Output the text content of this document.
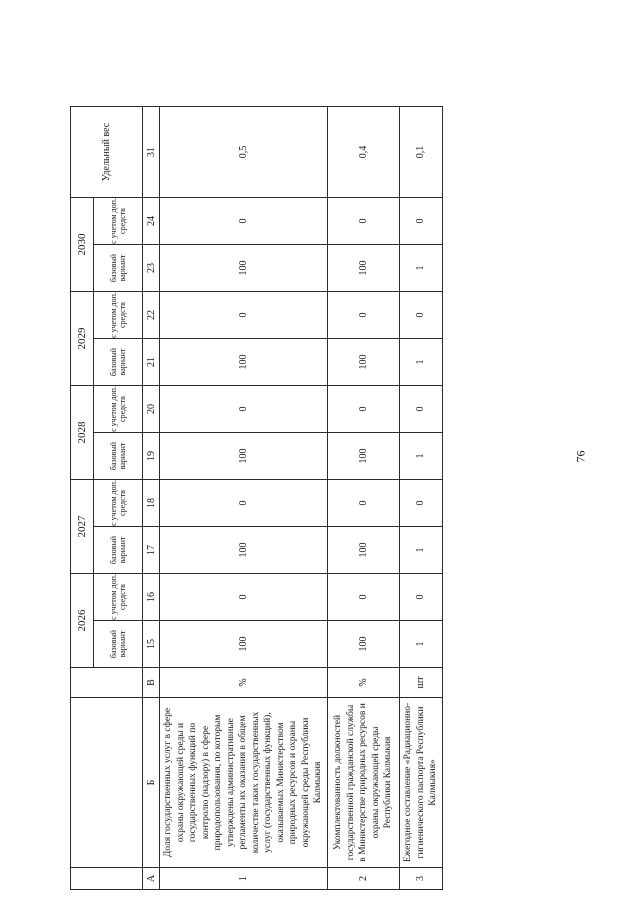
			2026		2027		2028		2029		2030		Удельный вес
			базовый вариант	с учетом доп. средств	базовый вариант	с учетом доп. средств	базовый вариант	с учетом доп. средств	базовый вариант	с учетом доп. средств	базовый вариант	с учетом доп. средств	
А	Б	В	15	16	17	18	19	20	21	22	23	24	31
1	Доля государственных услуг в сфере охраны окружающей среды и государственных функций по контролю (надзору) в сфере природопользования, по которым утверждены административные регламенты их оказания в общем количестве таких государственных услуг (государственных функций), оказываемых Министерством природных ресурсов и охраны окружающей среды Республики Калмыкия	%	100	0	100	0	100	0	100	0	100	0	0,5
2	Укомплектованность должностей государственной гражданской службы в Министерстве природных ресурсов и охраны окружающей среды Республики Калмыкия	%	100	0	100	0	100	0	100	0	100	0	0,4
3	Ежегодное составление «Радиационно-гигиенического паспорта Республики Калмыкия»	шт	1	0	1	0	1	0	1	0	1	0	0,1
76
